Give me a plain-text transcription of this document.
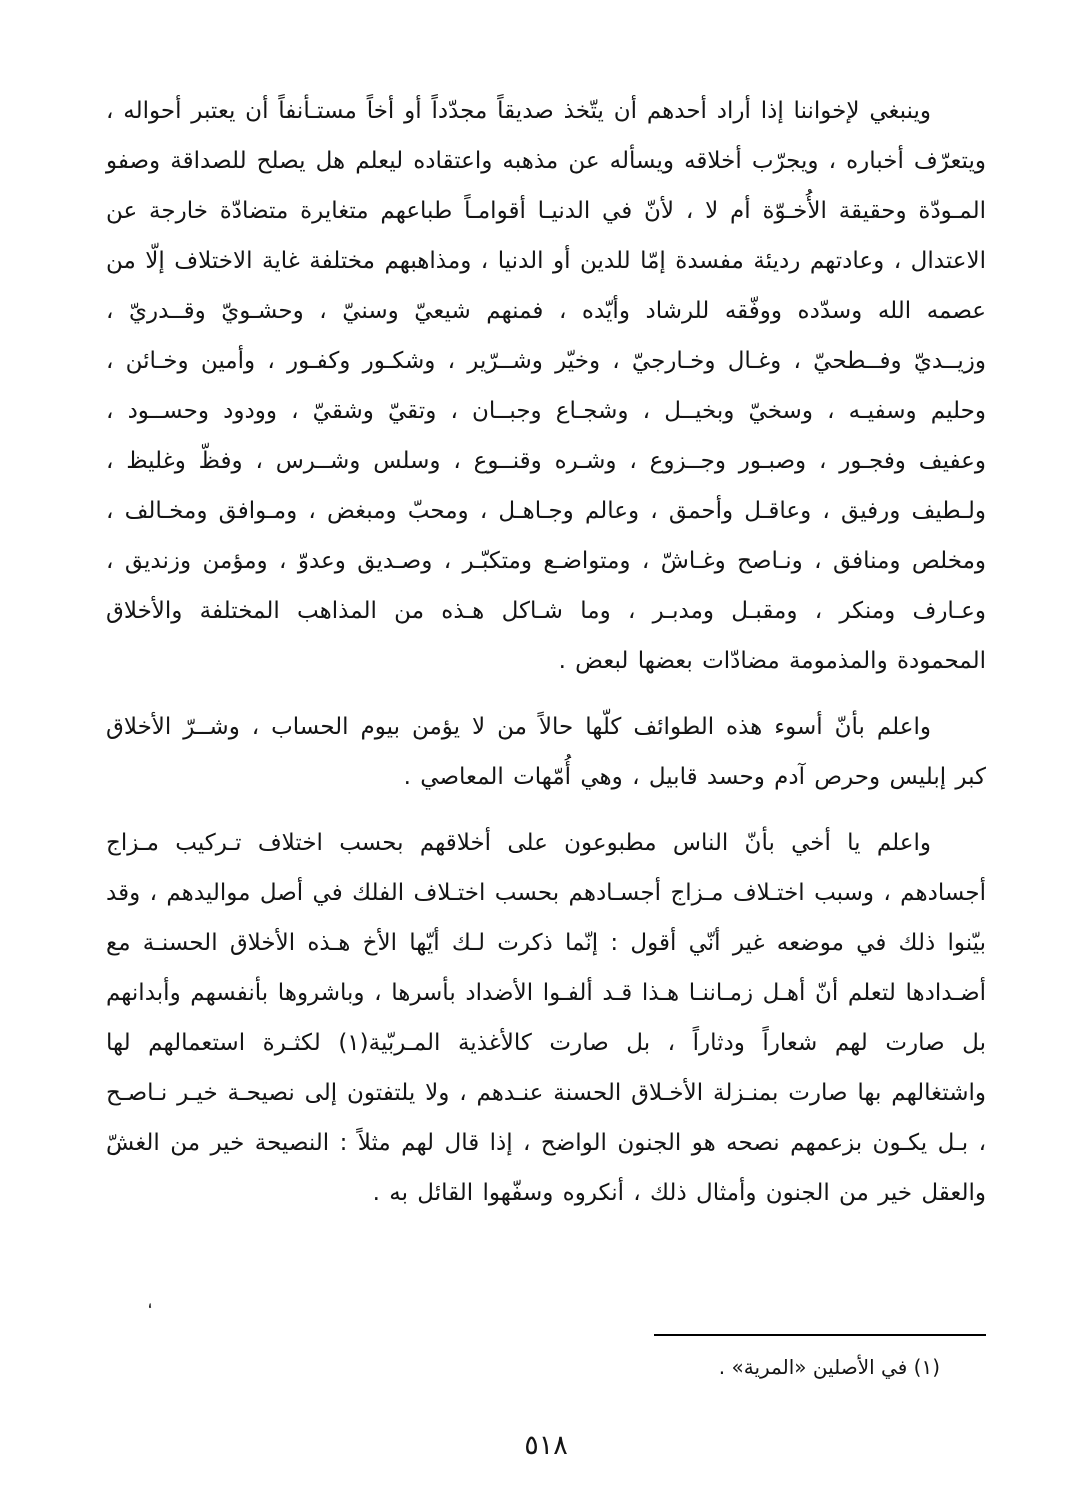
وينبغي لإخواننا إذا أراد أحدهم أن يتّخذ صديقاً مجدّداً أو أخاً مستـأنفاً أن يعتبر أحواله ، ويتعرّف أخباره ، ويجرّب أخلاقه ويسأله عن مذهبه واعتقاده ليعلم هل يصلح للصداقة وصفو المـودّة وحقيقة الأُخـوّة أم لا ، لأنّ في الدنيـا أقوامـاً طباعهم متغايرة متضادّة خارجة عن الاعتدال ، وعادتهم رديئة مفسدة إمّا للدين أو الدنيا ، ومذاهبهم مختلفة غاية الاختلاف إلّا من عصمه الله وسدّده ووفّقه للرشاد وأيّده ، فمنهم شيعيّ وسنيّ ، وحشـويّ وقــدريّ ، وزيــديّ وفــطحيّ ، وغـال وخـارجيّ ، وخيّر وشــرّير ، وشكـور وكفـور ، وأمين وخـائن ، وحليم وسفيـه ، وسخيّ وبخيــل ، وشجـاع وجبــان ، وتقيّ وشقيّ ، وودود وحســود ، وعفيف وفجـور ، وصبـور وجــزوع ، وشـره وقنــوع ، وسلس وشــرس ، وفظّ وغليظ ، ولـطيف ورفيق ، وعاقـل وأحمق ، وعالم وجـاهـل ، ومحبّ ومبغض ، ومـوافق ومخـالف ، ومخلص ومنافق ، ونـاصح وغـاشّ ، ومتواضـع ومتكبّـر ، وصـديق وعدوّ ، ومؤمن وزنديق ، وعـارف ومنكر ، ومقبـل ومدبـر ، وما شـاكل هـذه من المذاهب المختلفة والأخلاق المحمودة والمذمومة مضادّات بعضها لبعض .

واعلم بأنّ أسوء هذه الطوائف كلّها حالاً من لا يؤمن بيوم الحساب ، وشــرّ الأخلاق كبر إبليس وحرص آدم وحسد قابيل ، وهي أُمّهات المعاصي .

واعلم يا أخي بأنّ الناس مطبوعون على أخلاقهم بحسب اختلاف تـركيب مـزاج أجسادهم ، وسبب اختـلاف مـزاج أجسـادهم بحسب اختـلاف الفلك في أصل مواليدهم ، وقد بيّنوا ذلك في موضعه غير أنّي أقول : إنّما ذكرت لـك أيّها الأخ هـذه الأخلاق الحسنـة مع أضـدادها لتعلم أنّ أهـل زمـاننـا هـذا قـد ألفـوا الأضداد بأسرها ، وباشروها بأنفسهم وأبدانهم بل صارت لهم شعاراً ودثاراً ، بل صارت كالأغذية المـربّية(١) لكثـرة استعمالهم لها واشتغالهم بها صارت بمنـزلة الأخـلاق الحسنة عنـدهم ، ولا يلتفتون إلى نصيحـة خيـر نـاصـح ، بـل يكـون بزعمهم نصحه هو الجنون الواضح ، إذا قال لهم مثلاً : النصيحة خير من الغشّ والعقل خير من الجنون وأمثال ذلك ، أنكروه وسفّهوا القائل به .

،

(١) في الأصلين «المرية» .

٥١٨
